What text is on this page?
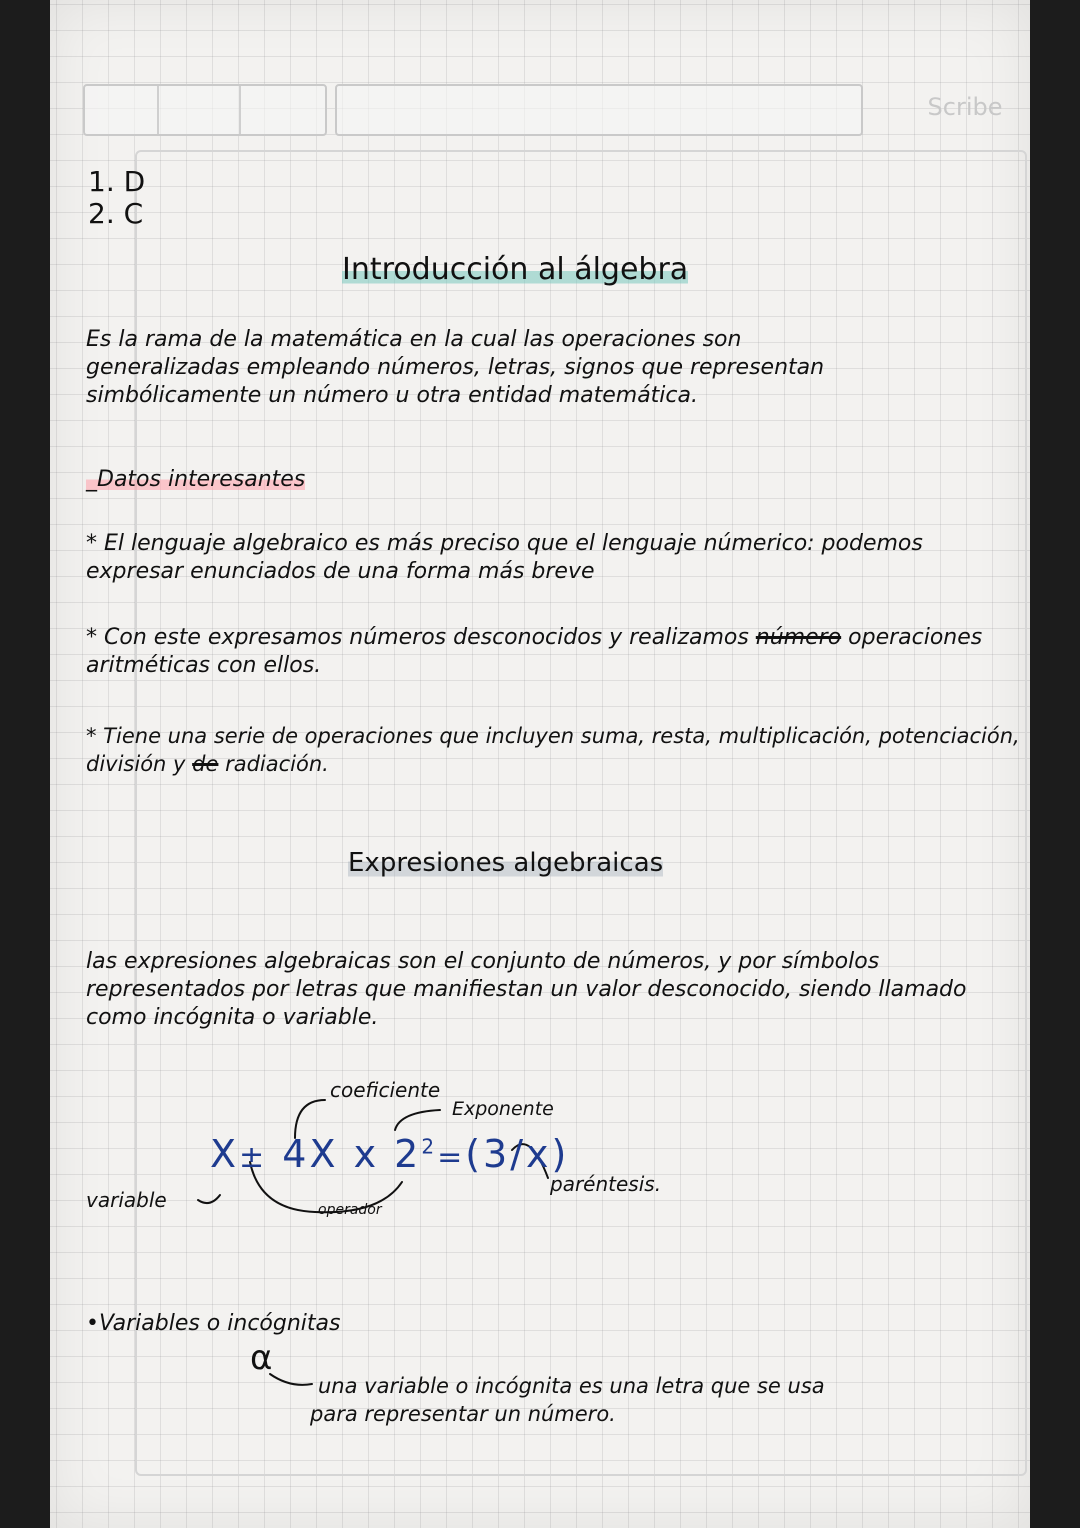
Scribe
1. D
2. C
Introducción al álgebra
Es la rama de la matemática en la cual las operaciones son
generalizadas empleando números, letras, signos que representan
simbólicamente un número u otra entidad matemática.
_Datos interesantes
* El lenguaje algebraico es más preciso que el lenguaje númerico: podemos
expresar enunciados de una forma más breve
* Con este expresamos números desconocidos y realizamos número operaciones
aritméticas con ellos.
* Tiene una serie de operaciones que incluyen suma, resta, multiplicación, potenciación,
división y de radiación.
Expresiones algebraicas
las expresiones algebraicas son el conjunto de números, y por símbolos
representados por letras que manifiestan un valor desconocido, siendo llamado
como incógnita o variable.
coeficiente
Exponente
X± 4X x $2^2=(3/x)$
variable	operador
paréntesis.
•Variables o incógnitas
α
una variable o incógnita es una letra que se usa
para representar un número.
